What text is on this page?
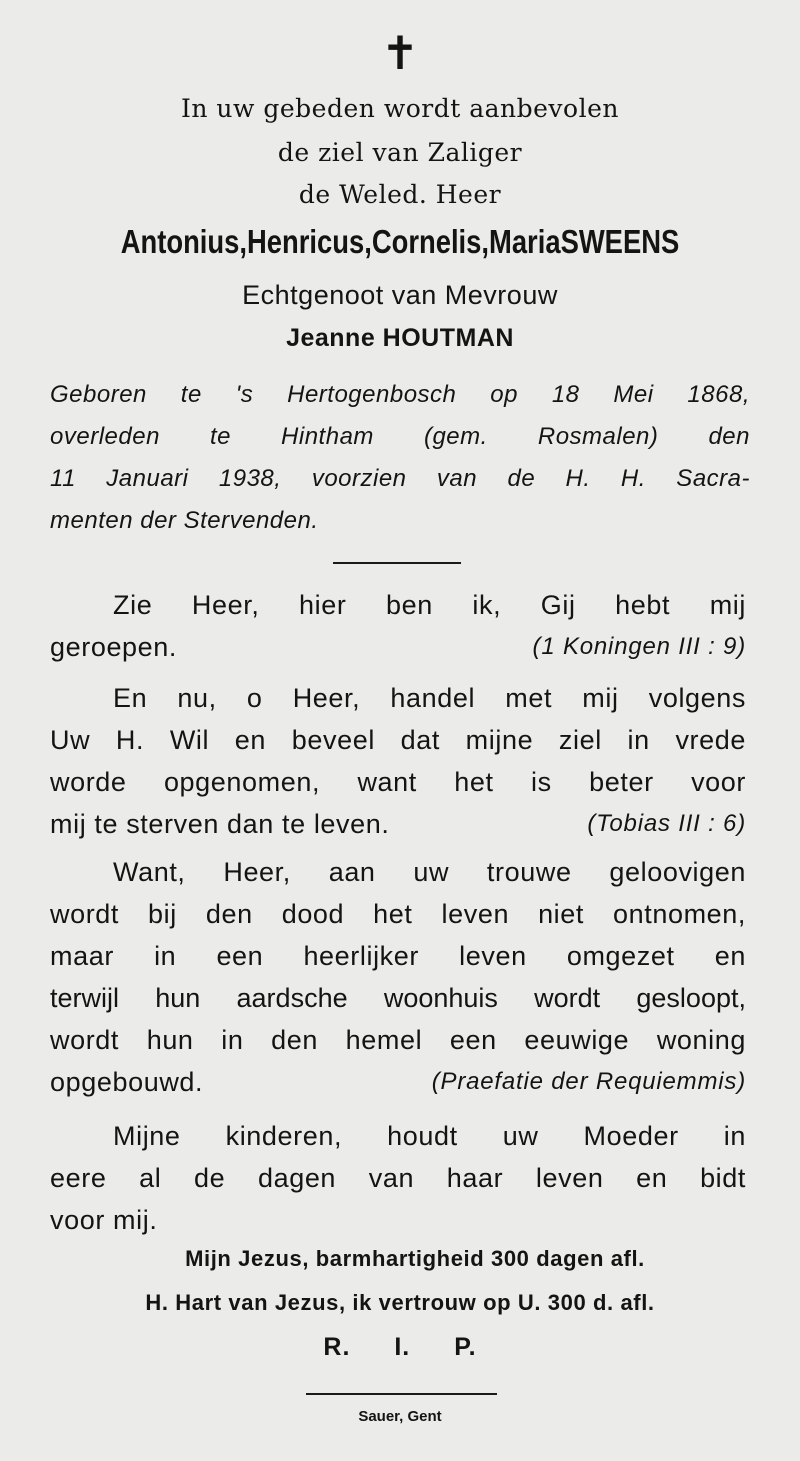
✝
In uw gebeden wordt aanbevolen
de ziel van Zaliger
de Weled. Heer
Antonius,Henricus,Cornelis,MariaSWEENS
Echtgenoot van Mevrouw
Jeanne HOUTMAN
Geboren te 's Hertogenbosch op 18 Mei 1868,
overleden te Hintham (gem. Rosmalen) den
11 Januari 1938, voorzien van de H. H. Sacra-
menten der Stervenden.
Zie Heer, hier ben ik, Gij hebt mij
geroepen.	(1 Koningen III : 9)
En nu, o Heer, handel met mij volgens
Uw H. Wil en beveel dat mijne ziel in vrede
worde opgenomen, want het is beter voor
mij te sterven dan te leven.	(Tobias III : 6)
Want, Heer, aan uw trouwe geloovigen
wordt bij den dood het leven niet ontnomen,
maar in een heerlijker leven omgezet en
terwijl hun aardsche woonhuis wordt gesloopt,
wordt hun in den hemel een eeuwige woning
opgebouwd.	(Praefatie der Requiemmis)
Mijne kinderen, houdt uw Moeder in
eere al de dagen van haar leven en bidt
voor mij.
Mijn Jezus, barmhartigheid 300 dagen afl.
H. Hart van Jezus, ik vertrouw op U. 300 d. afl.
R. I. P.
Sauer, Gent
